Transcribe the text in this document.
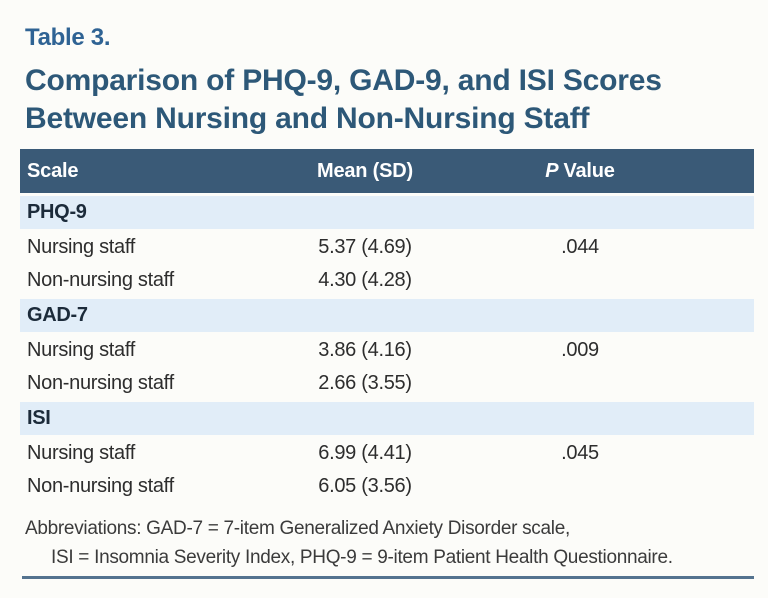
Table 3.
Comparison of PHQ-9, GAD-9, and ISI Scores
Between Nursing and Non-Nursing Staff
Scale	Mean (SD)	P Value
PHQ-9
Nursing staff	5.37 (4.69)	.044
Non-nursing staff	4.30 (4.28)
GAD-7
Nursing staff	3.86 (4.16)	.009
Non-nursing staff	2.66 (3.55)
ISI
Nursing staff	6.99 (4.41)	.045
Non-nursing staff	6.05 (3.56)
Abbreviations: GAD-7 = 7-item Generalized Anxiety Disorder scale,
ISI = Insomnia Severity Index, PHQ-9 = 9-item Patient Health Questionnaire.
